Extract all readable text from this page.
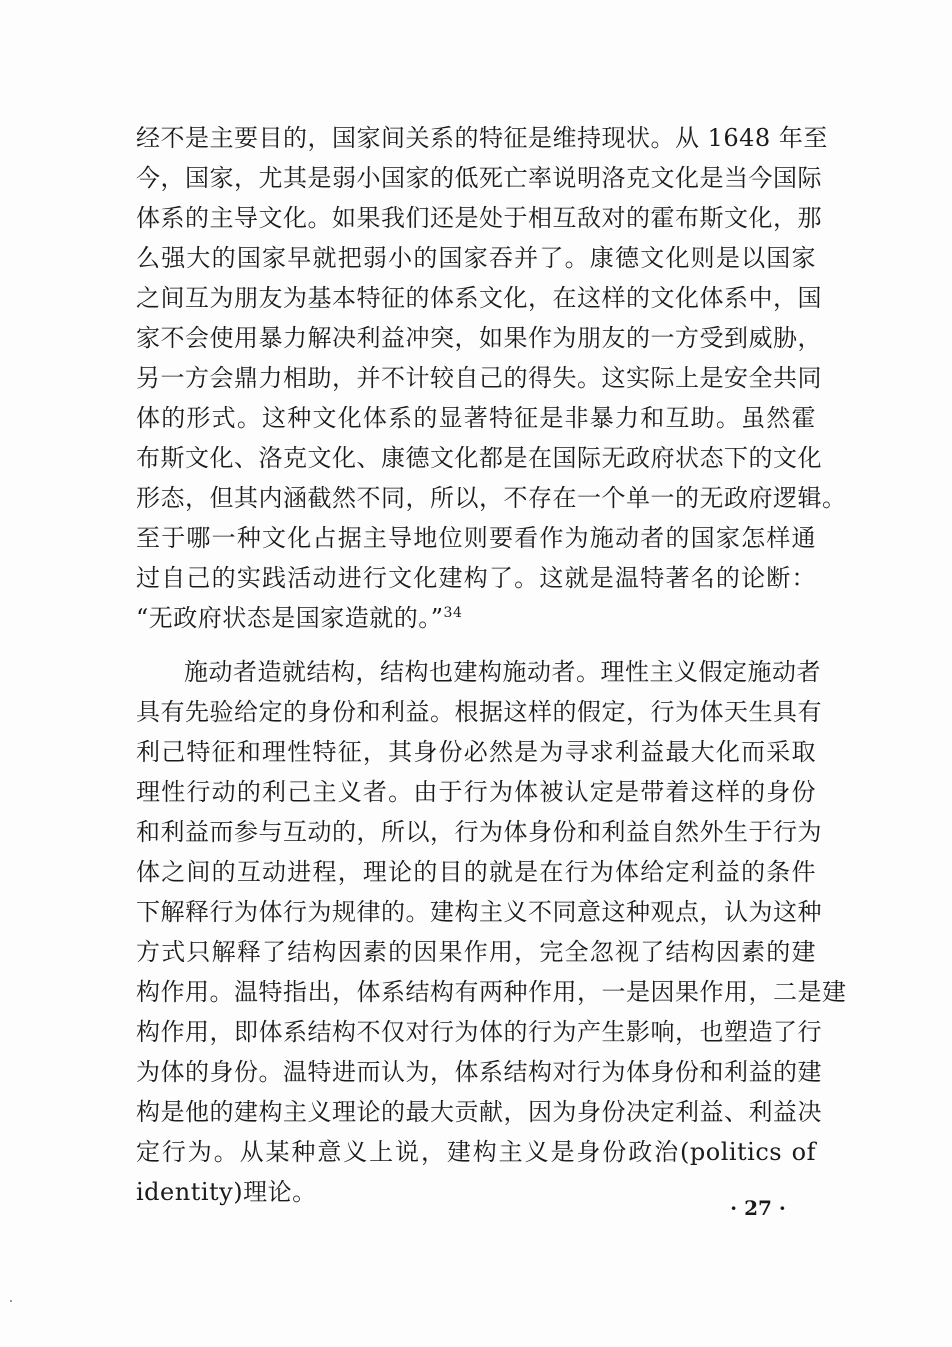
经不是主要目的，国家间关系的特征是维持现状。从 1648 年至
今，国家，尤其是弱小国家的低死亡率说明洛克文化是当今国际
体系的主导文化。如果我们还是处于相互敌对的霍布斯文化，那
么强大的国家早就把弱小的国家吞并了。康德文化则是以国家
之间互为朋友为基本特征的体系文化，在这样的文化体系中，国
家不会使用暴力解决利益冲突，如果作为朋友的一方受到威胁，
另一方会鼎力相助，并不计较自己的得失。这实际上是安全共同
体的形式。这种文化体系的显著特征是非暴力和互助。虽然霍
布斯文化、洛克文化、康德文化都是在国际无政府状态下的文化
形态，但其内涵截然不同，所以，不存在一个单一的无政府逻辑。
至于哪一种文化占据主导地位则要看作为施动者的国家怎样通
过自己的实践活动进行文化建构了。这就是温特著名的论断：
“无政府状态是国家造就的。”$^{34}$
施动者造就结构，结构也建构施动者。理性主义假定施动者
具有先验给定的身份和利益。根据这样的假定，行为体天生具有
利己特征和理性特征，其身份必然是为寻求利益最大化而采取
理性行动的利己主义者。由于行为体被认定是带着这样的身份
和利益而参与互动的，所以，行为体身份和利益自然外生于行为
体之间的互动进程，理论的目的就是在行为体给定利益的条件
下解释行为体行为规律的。建构主义不同意这种观点，认为这种
方式只解释了结构因素的因果作用，完全忽视了结构因素的建
构作用。温特指出，体系结构有两种作用，一是因果作用，二是建
构作用，即体系结构不仅对行为体的行为产生影响，也塑造了行
为体的身份。温特进而认为，体系结构对行为体身份和利益的建
构是他的建构主义理论的最大贡献，因为身份决定利益、利益决
定行为。从某种意义上说，建构主义是身份政治(politics of
identity)理论。
· 27 ·
